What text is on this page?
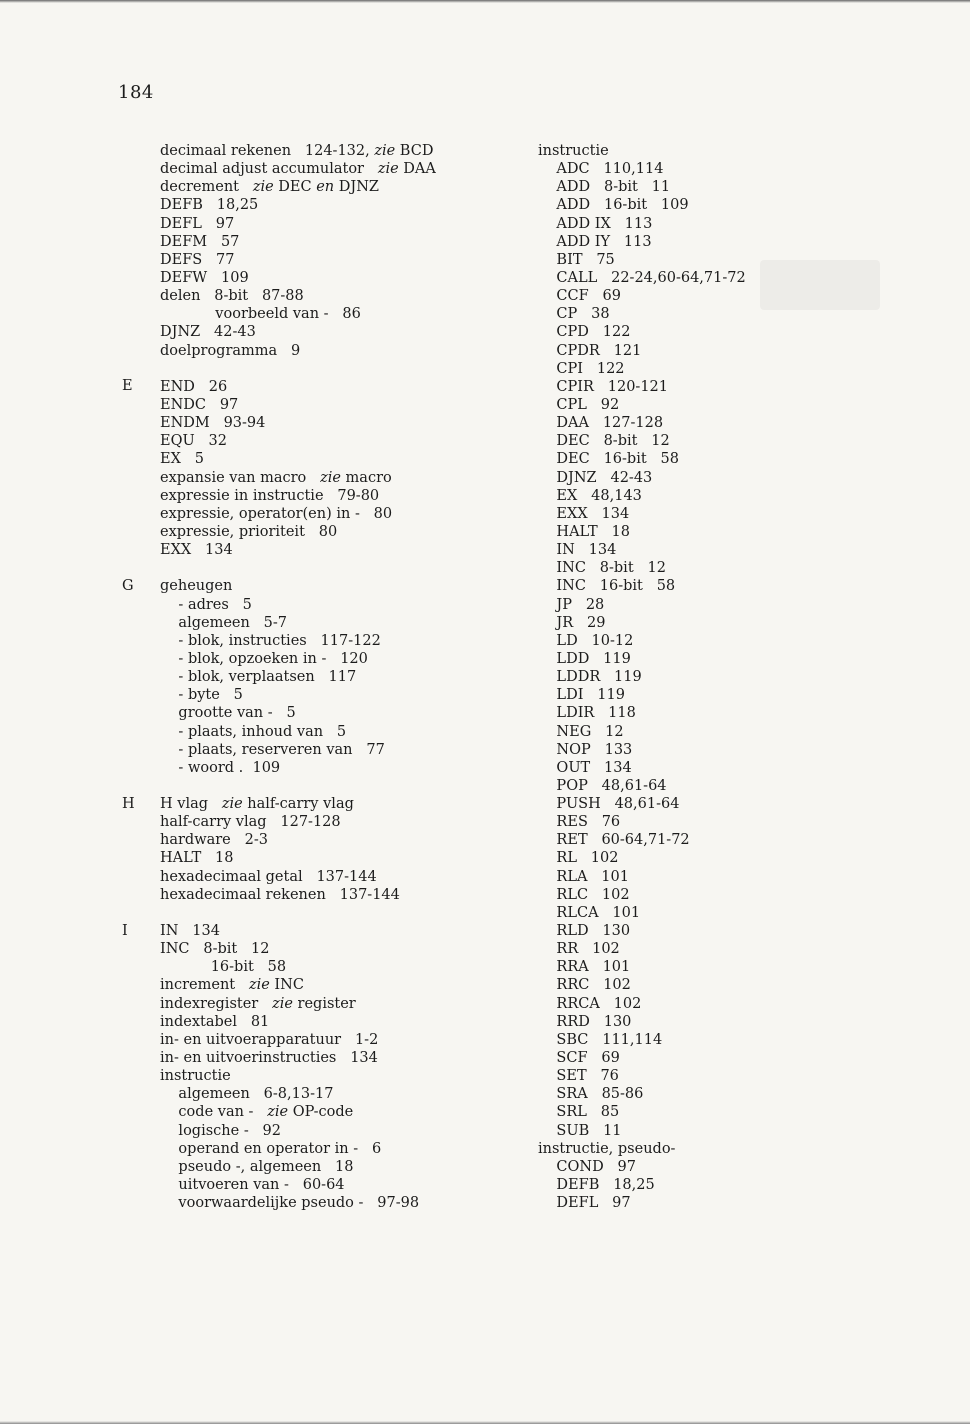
184
E
G
H
I
decimaal rekenen   124-132, zie BCD
decimal adjust accumulator   zie DAA
decrement   zie DEC en DJNZ
DEFB   18,25
DEFL   97
DEFM   57
DEFS   77
DEFW   109
delen   8-bit   87-88
voorbeeld van -   86
DJNZ   42-43
doelprogramma   9
END   26
ENDC   97
ENDM   93-94
EQU   32
EX   5
expansie van macro   zie macro
expressie in instructie   79-80
expressie, operator(en) in -   80
expressie, prioriteit   80
EXX   134
geheugen
- adres   5
algemeen   5-7
- blok, instructies   117-122
- blok, opzoeken in -   120
- blok, verplaatsen   117
- byte   5
grootte van -   5
- plaats, inhoud van   5
- plaats, reserveren van   77
- woord .  109
H vlag   zie half-carry vlag
half-carry vlag   127-128
hardware   2-3
HALT   18
hexadecimaal getal   137-144
hexadecimaal rekenen   137-144
IN   134
INC   8-bit   12
16-bit   58
increment   zie INC
indexregister   zie register
indextabel   81
in- en uitvoerapparatuur   1-2
in- en uitvoerinstructies   134
instructie
algemeen   6-8,13-17
code van -   zie OP-code
logische -   92
operand en operator in -   6
pseudo -, algemeen   18
uitvoeren van -   60-64
voorwaardelijke pseudo -   97-98
instructie
ADC   110,114
ADD   8-bit   11
ADD   16-bit   109
ADD IX   113
ADD IY   113
BIT   75
CALL   22-24,60-64,71-72
CCF   69
CP   38
CPD   122
CPDR   121
CPI   122
CPIR   120-121
CPL   92
DAA   127-128
DEC   8-bit   12
DEC   16-bit   58
DJNZ   42-43
EX   48,143
EXX   134
HALT   18
IN   134
INC   8-bit   12
INC   16-bit   58
JP   28
JR   29
LD   10-12
LDD   119
LDDR   119
LDI   119
LDIR   118
NEG   12
NOP   133
OUT   134
POP   48,61-64
PUSH   48,61-64
RES   76
RET   60-64,71-72
RL   102
RLA   101
RLC   102
RLCA   101
RLD   130
RR   102
RRA   101
RRC   102
RRCA   102
RRD   130
SBC   111,114
SCF   69
SET   76
SRA   85-86
SRL   85
SUB   11
instructie, pseudo-
COND   97
DEFB   18,25
DEFL   97
